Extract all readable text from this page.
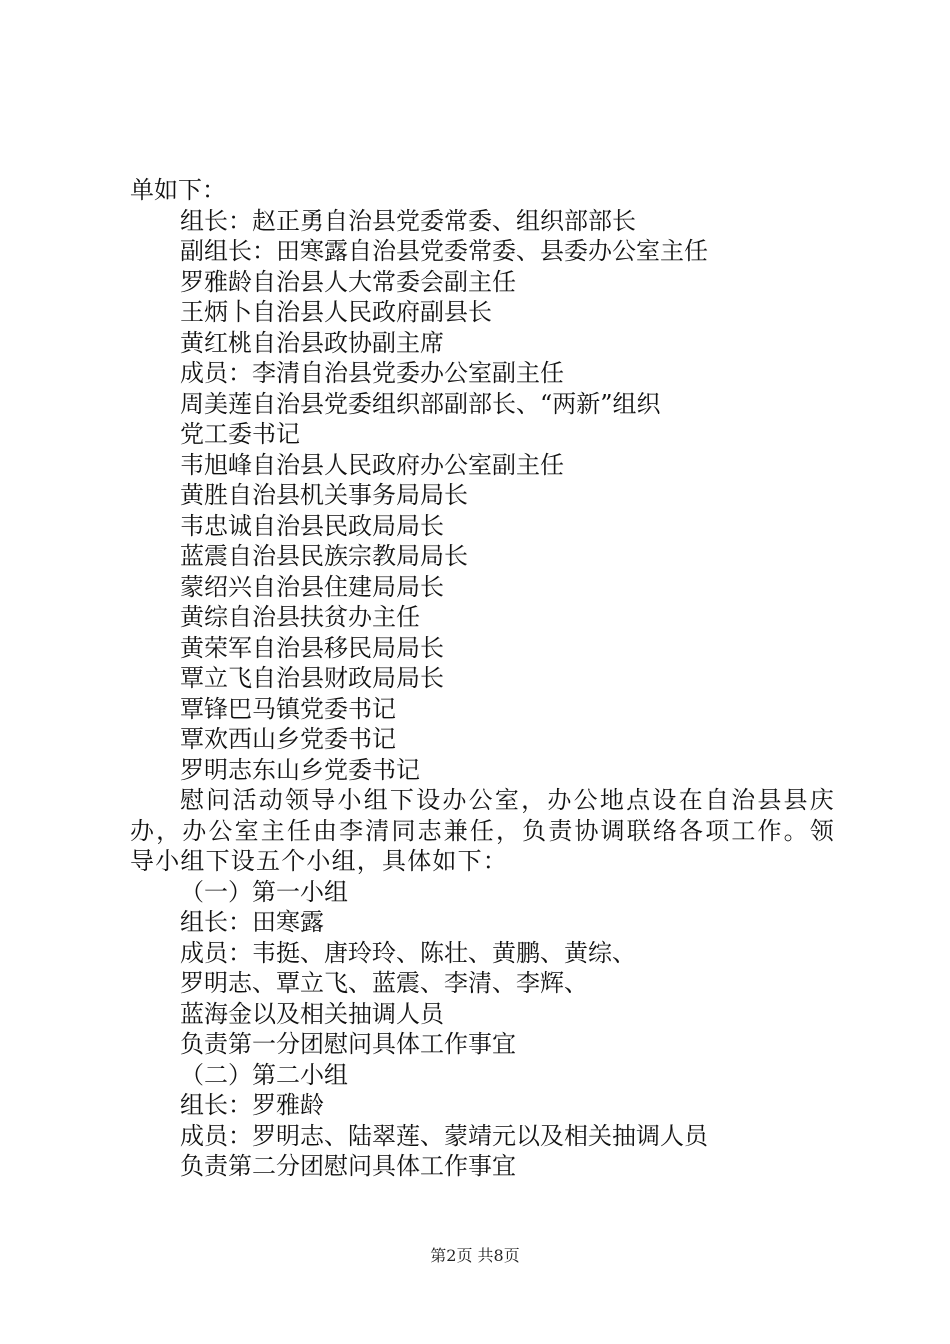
单如下：
组长：赵正勇自治县党委常委、组织部部长
副组长：田寒露自治县党委常委、县委办公室主任
罗雅龄自治县人大常委会副主任
王炳卜自治县人民政府副县长
黄红桃自治县政协副主席
成员：李清自治县党委办公室副主任
周美莲自治县党委组织部副部长、“两新”组织
党工委书记
韦旭峰自治县人民政府办公室副主任
黄胜自治县机关事务局局长
韦忠诚自治县民政局局长
蓝震自治县民族宗教局局长
蒙绍兴自治县住建局局长
黄综自治县扶贫办主任
黄荣军自治县移民局局长
覃立飞自治县财政局局长
覃锋巴马镇党委书记
覃欢西山乡党委书记
罗明志东山乡党委书记
慰问活动领导小组下设办公室，办公地点设在自治县县庆办，办公室主任由李清同志兼任，负责协调联络各项工作。领导小组下设五个小组，具体如下：
（一）第一小组
组长：田寒露
成员：韦挺、唐玲玲、陈壮、黄鹏、黄综、
罗明志、覃立飞、蓝震、李清、李辉、
蓝海金以及相关抽调人员
负责第一分团慰问具体工作事宜
（二）第二小组
组长：罗雅龄
成员：罗明志、陆翠莲、蒙靖元以及相关抽调人员
负责第二分团慰问具体工作事宜
第2页 共8页
